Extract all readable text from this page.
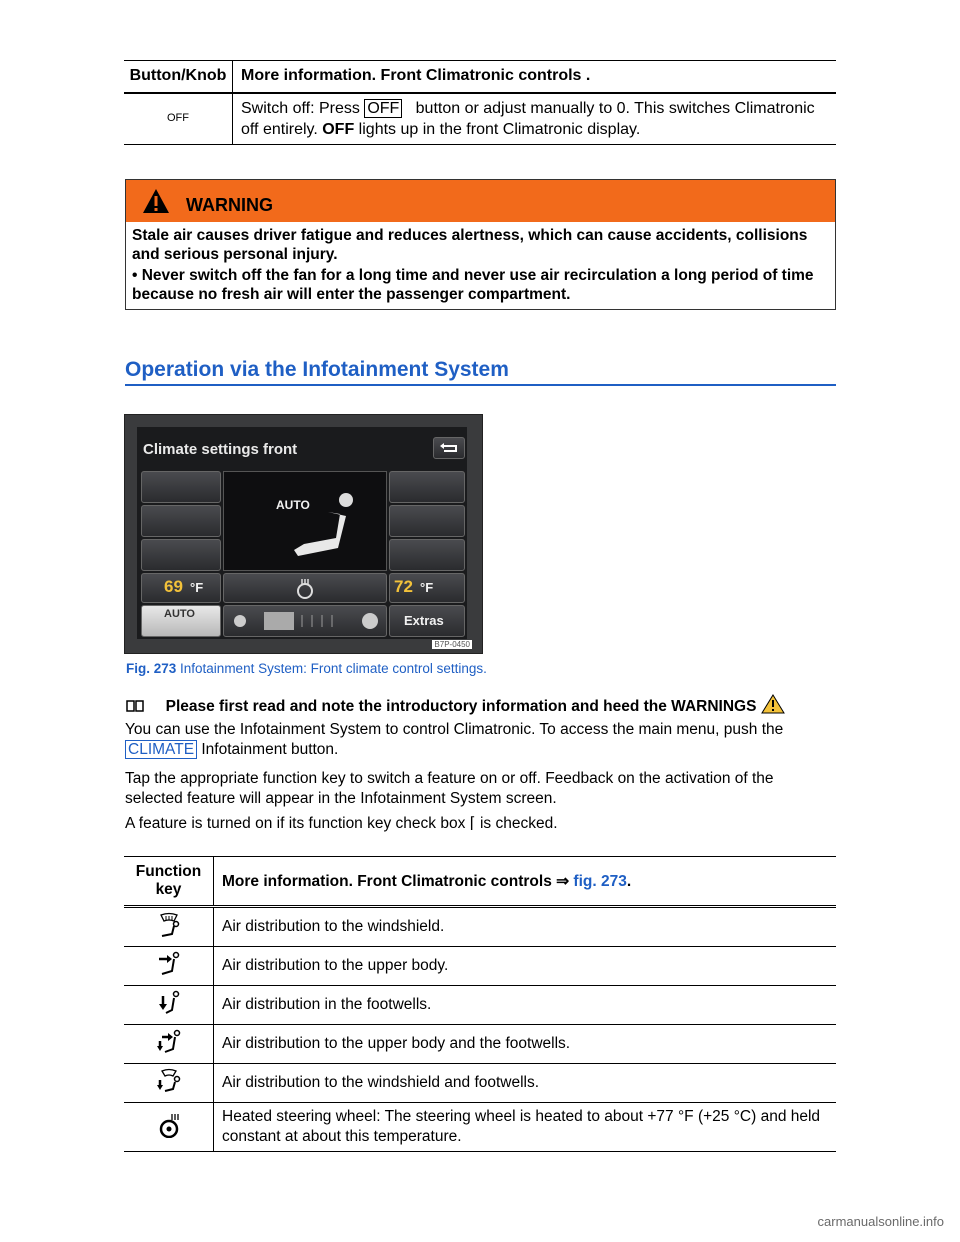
Button/Knob	More information. Front Climatronic controls .
OFF	Switch off: Press OFF   button or adjust manually to 0. This switches Climatronic off entirely. OFF lights up in the front Climatronic display.
WARNING

Stale air causes driver fatigue and reduces alertness, which can cause accidents, collisions and serious personal injury.

• Never switch off the fan for a long time and never use air recirculation a long period of time because no fresh air will enter the passenger compartment.

Operation via the Infotainment System
Climate settings front
AUTO
69 °F	72 °F
AUTO	Extras
B7P-0450
Fig. 273 Infotainment System: Front climate control settings.
Please first read and note the introductory information and heed the WARNINGS
You can use the Infotainment System to control Climatronic. To access the main menu, push the
CLIMATE Infotainment button.
Tap the appropriate function key to switch a feature on or off. Feedback on the activation of the selected feature will appear in the Infotainment System screen.
A feature is turned on if its function key check box ⌈ is checked.
Function key	More information. Front Climatronic controls ⇒ fig. 273.
	Air distribution to the windshield.
	Air distribution to the upper body.
	Air distribution in the footwells.
	Air distribution to the upper body and the footwells.
	Air distribution to the windshield and footwells.
	Heated steering wheel: The steering wheel is heated to about +77 °F (+25 °C) and held constant at about this temperature.
carmanualsonline.info
